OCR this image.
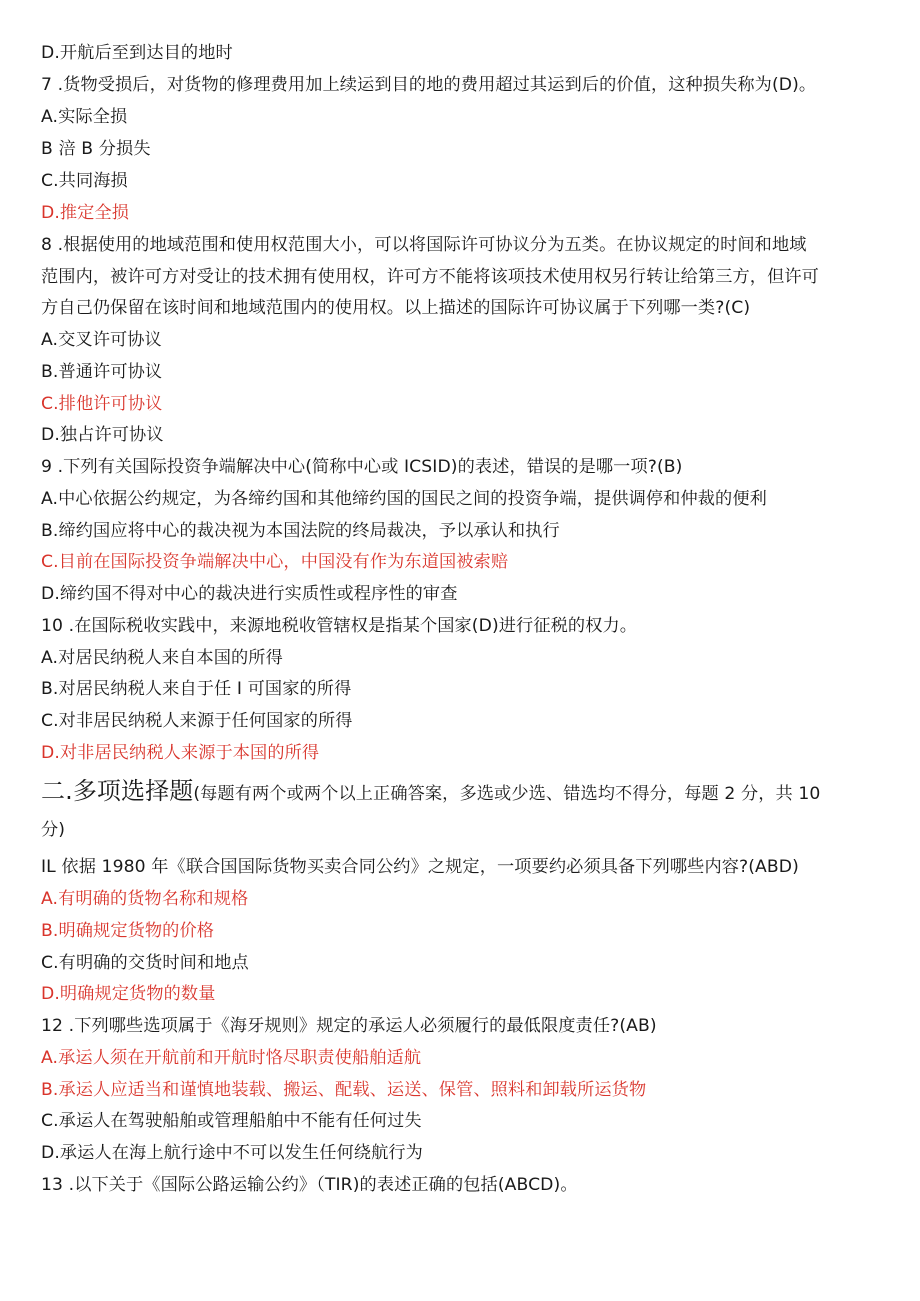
D.开航后至到达目的地时
7 .货物受损后，对货物的修理费用加上续运到目的地的费用超过其运到后的价值，这种损失称为(D)。
A.实际全损
B 涪 B 分损失
C.共同海损
D.推定全损
8 .根据使用的地域范围和使用权范围大小，可以将国际许可协议分为五类。在协议规定的时间和地域
范围内，被许可方对受让的技术拥有使用权，许可方不能将该项技术使用权另行转让给第三方，但许可
方自己仍保留在该时间和地域范围内的使用权。以上描述的国际许可协议属于下列哪一类?(C)
A.交叉许可协议
B.普通许可协议
C.排他许可协议
D.独占许可协议
9 .下列有关国际投资争端解决中心(简称中心或 ICSID)的表述，错误的是哪一项?(B)
A.中心依据公约规定，为各缔约国和其他缔约国的国民之间的投资争端，提供调停和仲裁的便利
B.缔约国应将中心的裁决视为本国法院的终局裁决，予以承认和执行
C.目前在国际投资争端解决中心，中国没有作为东道国被索赔
D.缔约国不得对中心的裁决进行实质性或程序性的审查
10 .在国际税收实践中，来源地税收管辖权是指某个国家(D)进行征税的权力。
A.对居民纳税人来自本国的所得
B.对居民纳税人来自于任 I 可国家的所得
C.对非居民纳税人来源于任何国家的所得
D.对非居民纳税人来源于本国的所得
二.多项选择题(每题有两个或两个以上正确答案，多选或少选、错选均不得分，每题 2 分，共 10
分)
IL 依据 1980 年《联合国国际货物买卖合同公约》之规定，一项要约必须具备下列哪些内容?(ABD)
A.有明确的货物名称和规格
B.明确规定货物的价格
C.有明确的交货时间和地点
D.明确规定货物的数量
12 .下列哪些选项属于《海牙规则》规定的承运人必须履行的最低限度责任?(AB)
A.承运人须在开航前和开航时恪尽职责使船舶适航
B.承运人应适当和谨慎地装载、搬运、配载、运送、保管、照料和卸载所运货物
C.承运人在驾驶船舶或管理船舶中不能有任何过失
D.承运人在海上航行途中不可以发生任何绕航行为
13 .以下关于《国际公路运输公约》（TIR)的表述正确的包括(ABCD)。
